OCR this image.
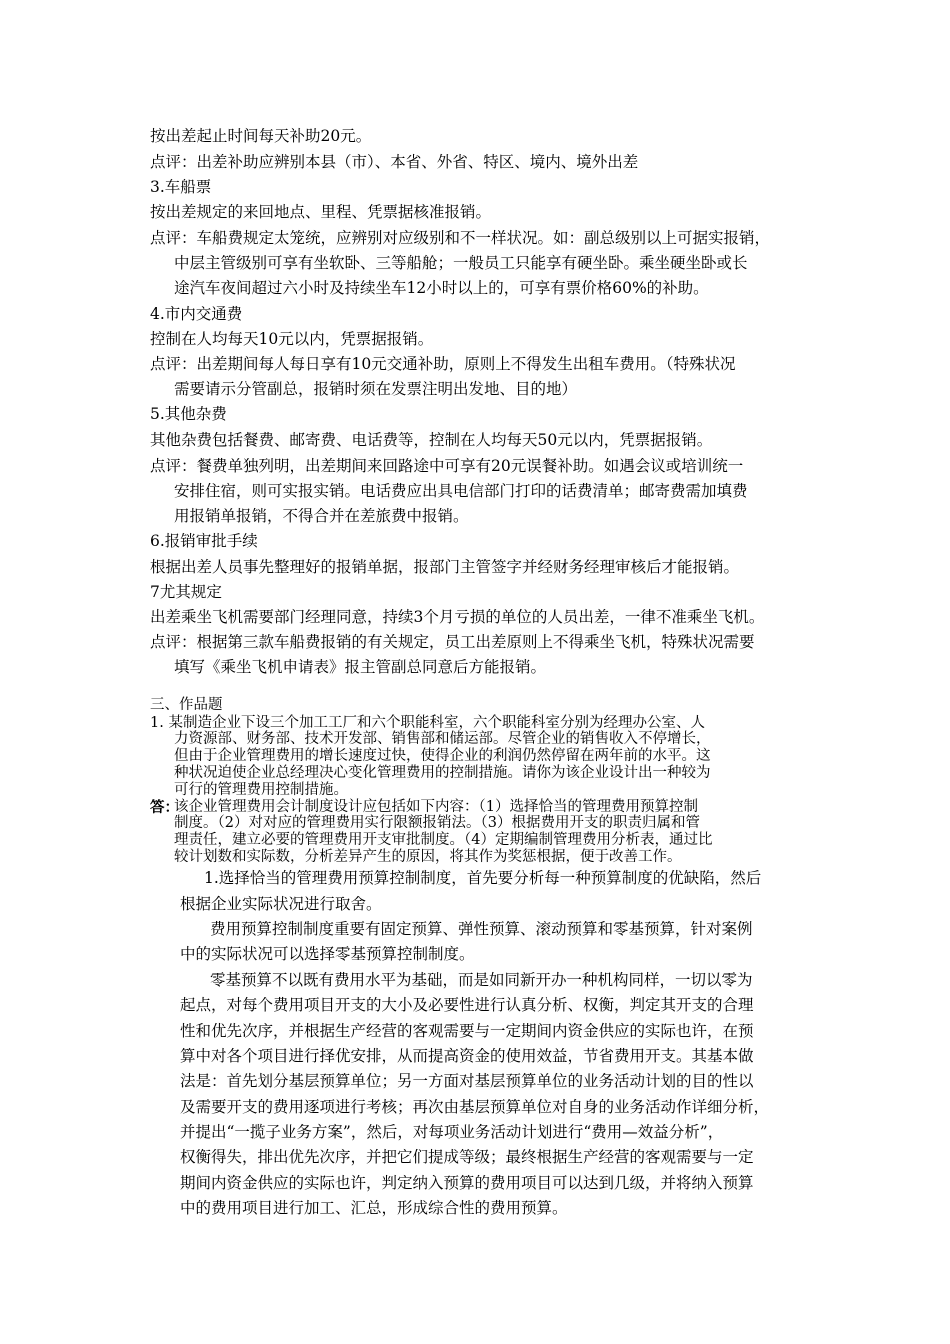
按出差起止时间每天补助20元。
点评：出差补助应辨别本县（市）、本省、外省、特区、境内、境外出差
3.车船票
按出差规定的来回地点、里程、凭票据核准报销。
点评：车船费规定太笼统，应辨别对应级别和不一样状况。如：副总级别以上可据实报销，
中层主管级别可享有坐软卧、三等船舱；一般员工只能享有硬坐卧。乘坐硬坐卧或长
途汽车夜间超过六小时及持续坐车12小时以上的，可享有票价格60%的补助。
4.市内交通费
控制在人均每天10元以内，凭票据报销。
点评：出差期间每人每日享有10元交通补助，原则上不得发生出租车费用。（特殊状况
需要请示分管副总，报销时须在发票注明出发地、目的地）
5.其他杂费
其他杂费包括餐费、邮寄费、电话费等，控制在人均每天50元以内，凭票据报销。
点评：餐费单独列明，出差期间来回路途中可享有20元误餐补助。如遇会议或培训统一
安排住宿，则可实报实销。电话费应出具电信部门打印的话费清单；邮寄费需加填费
用报销单报销，不得合并在差旅费中报销。
6.报销审批手续
根据出差人员事先整理好的报销单据，报部门主管签字并经财务经理审核后才能报销。
7尤其规定
出差乘坐飞机需要部门经理同意，持续3个月亏损的单位的人员出差，一律不准乘坐飞机。
点评：根据第三款车船费报销的有关规定，员工出差原则上不得乘坐飞机，特殊状况需要
填写《乘坐飞机申请表》报主管副总同意后方能报销。
三、作品题
1. 某制造企业下设三个加工工厂和六个职能科室，六个职能科室分别为经理办公室、人
力资源部、财务部、技术开发部、销售部和储运部。尽管企业的销售收入不停增长，
但由于企业管理费用的增长速度过快，使得企业的利润仍然停留在两年前的水平。这
种状况迫使企业总经理决心变化管理费用的控制措施。请你为该企业设计出一种较为
可行的管理费用控制措施。
答：
该企业管理费用会计制度设计应包括如下内容：（1）选择恰当的管理费用预算控制
制度。（2）对对应的管理费用实行限额报销法。（3）根据费用开支的职责归属和管
理责任，建立必要的管理费用开支审批制度。（4）定期编制管理费用分析表，通过比
较计划数和实际数，分析差异产生的原因，将其作为奖惩根据，便于改善工作。
1.选择恰当的管理费用预算控制制度，首先要分析每一种预算制度的优缺陷，然后
根据企业实际状况进行取舍。
费用预算控制制度重要有固定预算、弹性预算、滚动预算和零基预算，针对案例
中的实际状况可以选择零基预算控制制度。
零基预算不以既有费用水平为基础，而是如同新开办一种机构同样，一切以零为
起点，对每个费用项目开支的大小及必要性进行认真分析、权衡，判定其开支的合理
性和优先次序，并根据生产经营的客观需要与一定期间内资金供应的实际也许，在预
算中对各个项目进行择优安排，从而提高资金的使用效益，节省费用开支。其基本做
法是：首先划分基层预算单位；另一方面对基层预算单位的业务活动计划的目的性以
及需要开支的费用逐项进行考核；再次由基层预算单位对自身的业务活动作详细分析，
并提出“一揽子业务方案”，然后，对每项业务活动计划进行“费用—效益分析”，
权衡得失，排出优先次序，并把它们提成等级；最终根据生产经营的客观需要与一定
期间内资金供应的实际也许，判定纳入预算的费用项目可以达到几级，并将纳入预算
中的费用项目进行加工、汇总，形成综合性的费用预算。
